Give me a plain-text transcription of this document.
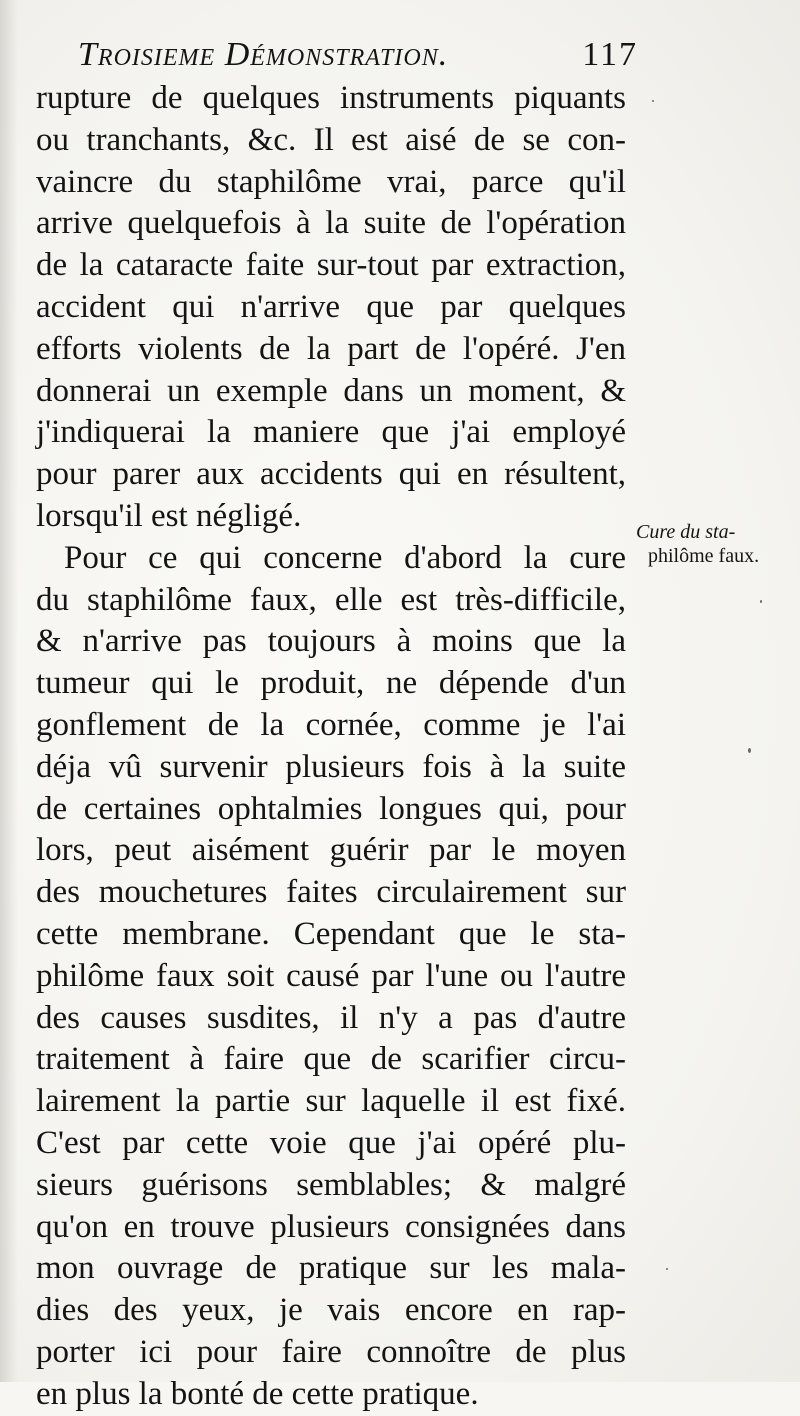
Troisieme Démonstration.	117
rupture de quelques instruments piquants
ou tranchants, &c. Il est aisé de se con-
vaincre du staphilôme vrai, parce qu'il
arrive quelquefois à la suite de l'opération
de la cataracte faite sur-tout par extraction,
accident qui n'arrive que par quelques
efforts violents de la part de l'opéré. J'en
donnerai un exemple dans un moment, &
j'indiquerai la maniere que j'ai employé
pour parer aux accidents qui en résultent,
lorsqu'il est négligé.
Pour ce qui concerne d'abord la cure
du staphilôme faux, elle est très-difficile,
& n'arrive pas toujours à moins que la
tumeur qui le produit, ne dépende d'un
gonflement de la cornée, comme je l'ai
déja vû survenir plusieurs fois à la suite
de certaines ophtalmies longues qui, pour
lors, peut aisément guérir par le moyen
des mouchetures faites circulairement sur
cette membrane. Cependant que le sta-
philôme faux soit causé par l'une ou l'autre
des causes susdites, il n'y a pas d'autre
traitement à faire que de scarifier circu-
lairement la partie sur laquelle il est fixé.
C'est par cette voie que j'ai opéré plu-
sieurs guérisons semblables; & malgré
qu'on en trouve plusieurs consignées dans
mon ouvrage de pratique sur les mala-
dies des yeux, je vais encore en rap-
porter ici pour faire connoître de plus
en plus la bonté de cette pratique.
Cure du sta-
philôme faux.
